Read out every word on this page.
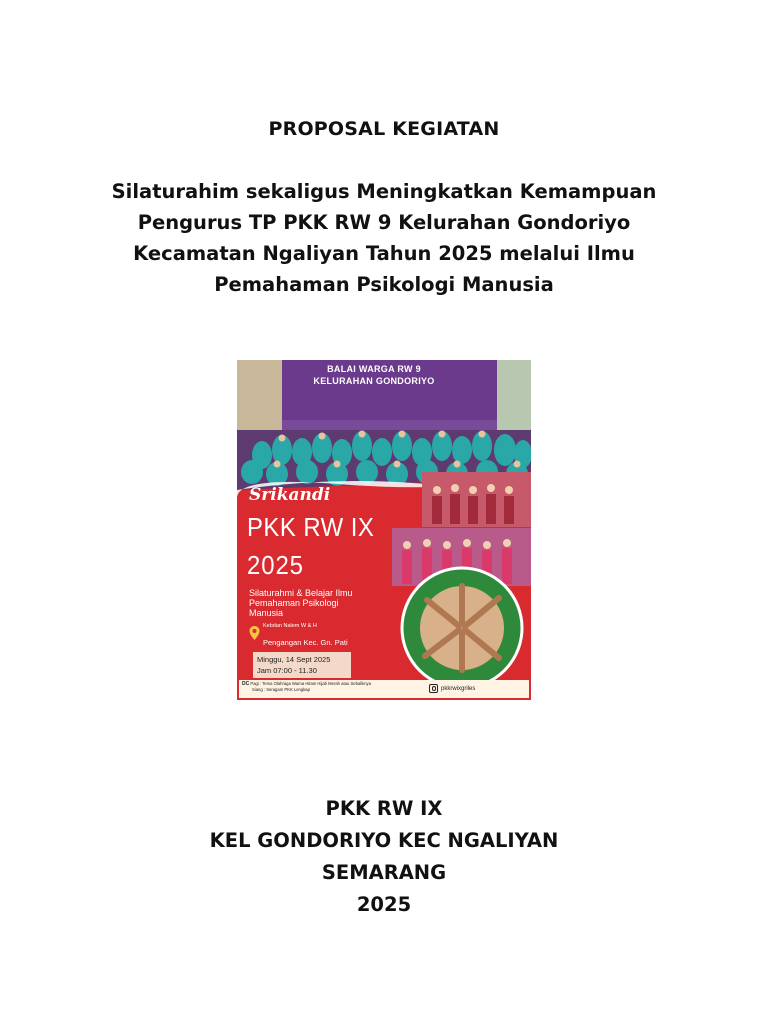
PROPOSAL KEGIATAN
Silaturahim sekaligus Meningkatkan Kemampuan
Pengurus TP PKK RW 9 Kelurahan Gondoriyo
Kecamatan Ngaliyan Tahun 2025 melalui Ilmu
Pemahaman Psikologi Manusia
BALAI WARGA RW 9
KELURAHAN GONDORIYO
Srikandi
PKK RW IX
2025
Silaturahmi & Belajar Ilmu
Pemahaman Psikologi
Manusia
Kebdan Nalem W & H
Pengangan Kec. Gn. Pati
Minggu, 14 Sept 2025
Jam 07:00 - 11.30
DC Pagi : Tema Olahraga Warna Hitam Hijab Merah atau Sebaliknya
Siang : Seragam PKK Lengkap	pkkrwixgriles
PKK RW IX
KEL GONDORIYO KEC NGALIYAN
SEMARANG
2025
